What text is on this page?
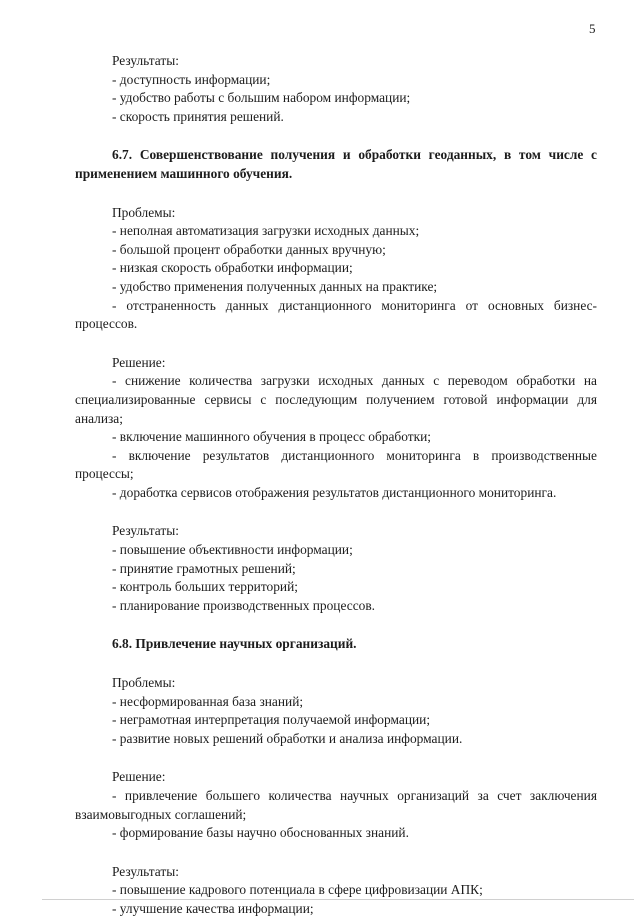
5

Результаты:

- доступность информации;

- удобство работы с большим набором информации;

- скорость принятия решений.

6.7. Совершенствование получения и обработки геоданных, в том числе с применением машинного обучения.

Проблемы:

- неполная автоматизация загрузки исходных данных;

- большой процент обработки данных вручную;

- низкая скорость обработки информации;

- удобство применения полученных данных на практике;

- отстраненность данных дистанционного мониторинга от основных бизнес-процессов.

Решение:

- снижение количества загрузки исходных данных с переводом обработки на специализированные сервисы с последующим получением готовой информации для анализа;

- включение машинного обучения в процесс обработки;

- включение результатов дистанционного мониторинга в производственные процессы;

- доработка сервисов отображения результатов дистанционного мониторинга.

Результаты:

- повышение объективности информации;

- принятие грамотных решений;

- контроль больших территорий;

- планирование производственных процессов.

6.8. Привлечение научных организаций.

Проблемы:

- несформированная база знаний;

- неграмотная интерпретация получаемой информации;

- развитие новых решений обработки и анализа информации.

Решение:

- привлечение большего количества научных организаций за счет заключения взаимовыгодных соглашений;

- формирование базы научно обоснованных знаний.

Результаты:

- повышение кадрового потенциала в сфере цифровизации АПК;

- улучшение качества информации;
